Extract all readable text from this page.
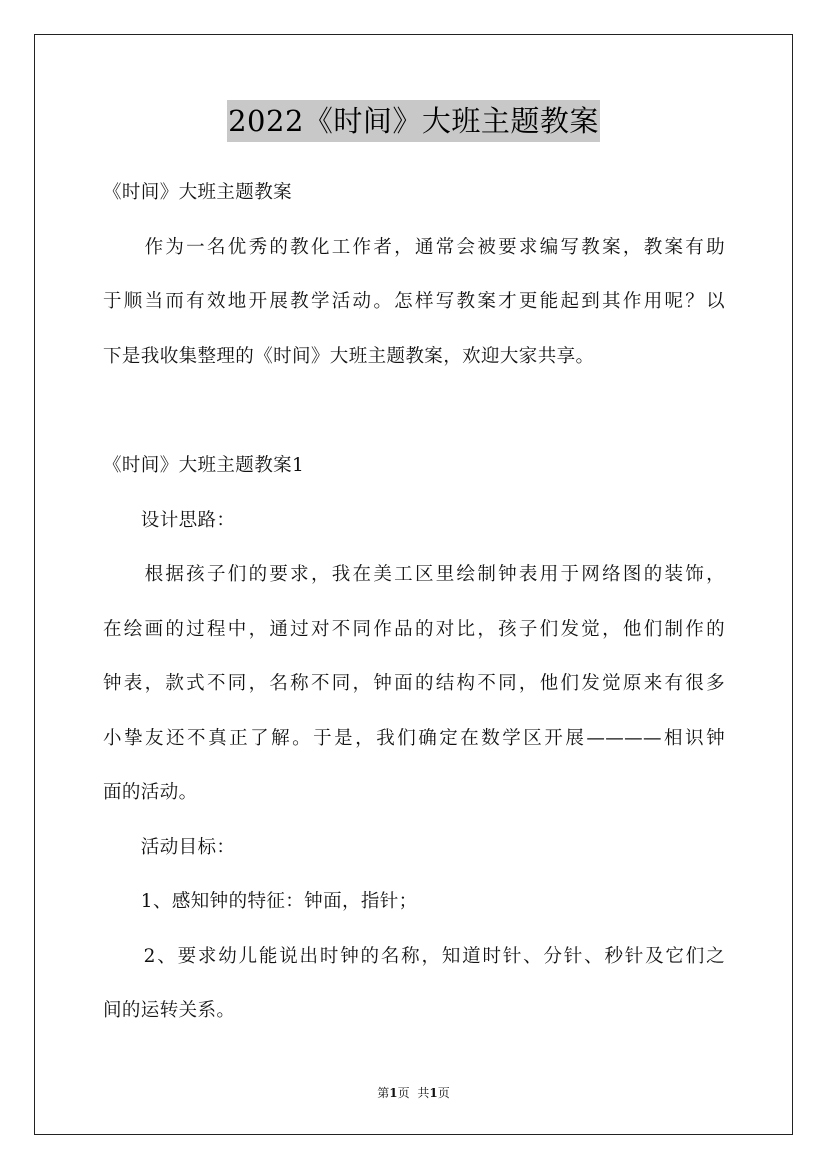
2022《时间》大班主题教案
《时间》大班主题教案
　　作为一名优秀的教化工作者，通常会被要求编写教案，教案有助
于顺当而有效地开展教学活动。怎样写教案才更能起到其作用呢？以
下是我收集整理的《时间》大班主题教案，欢迎大家共享。
《时间》大班主题教案1
　　设计思路：
　　根据孩子们的要求，我在美工区里绘制钟表用于网络图的装饰，
在绘画的过程中，通过对不同作品的对比，孩子们发觉，他们制作的
钟表，款式不同，名称不同，钟面的结构不同，他们发觉原来有很多
小挚友还不真正了解。于是，我们确定在数学区开展————相识钟
面的活动。
　　活动目标：
　　1、感知钟的特征：钟面，指针；
　　2、要求幼儿能说出时钟的名称，知道时针、分针、秒针及它们之
间的运转关系。
第1页 共1页
